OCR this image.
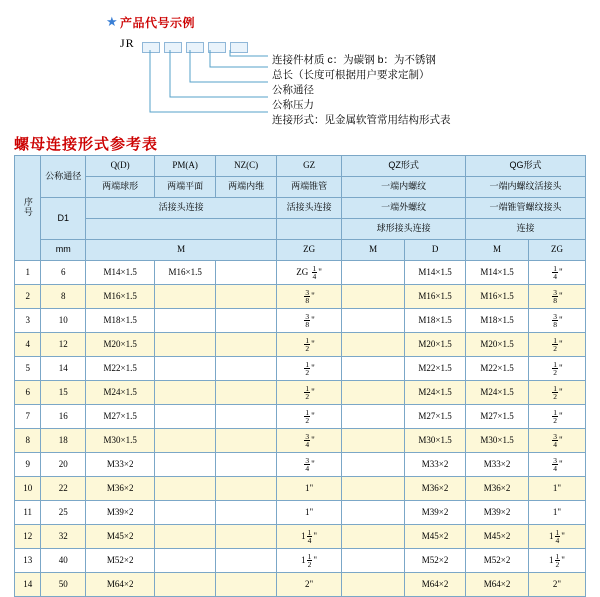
★ 产品代号示例
JR
连接形式：见金属软管常用结构形式表
公称压力
公称通径
总长（长度可根据用户要求定制）
连接件材质 c：为碳钢 b：为不锈钢
螺母连接形式参考表
序号	公称通径	Q(D)	PM(A)	NZ(C)	GZ	QZ形式		QG形式	
		两端球形	两端平面	两端内维	两端锥管	一端内螺纹		一端内螺纹活接头	
	D1	活接头连接			活接头连接	一端外螺纹		一端锥管螺纹接头	
						球形接头连接		连接	
	mm	M			ZG	M	D	M	ZG
1	6	M14×1.5	M16×1.5		ZG $\frac{1}{4}$ "		M14×1.5	M14×1.5	$\frac{1}{4}$ "
2	8	M16×1.5			$\frac{3}{8}$ "		M16×1.5	M16×1.5	$\frac{3}{8}$ "
3	10	M18×1.5			$\frac{3}{8}$ "		M18×1.5	M18×1.5	$\frac{3}{8}$ "
4	12	M20×1.5			$\frac{1}{2}$ "		M20×1.5	M20×1.5	$\frac{1}{2}$ "
5	14	M22×1.5			$\frac{1}{2}$ "		M22×1.5	M22×1.5	$\frac{1}{2}$ "
6	15	M24×1.5			$\frac{1}{2}$ "		M24×1.5	M24×1.5	$\frac{1}{2}$ "
7	16	M27×1.5			$\frac{1}{2}$ "		M27×1.5	M27×1.5	$\frac{1}{2}$ "
8	18	M30×1.5			$\frac{3}{4}$ "		M30×1.5	M30×1.5	$\frac{3}{4}$ "
9	20	M33×2			$\frac{3}{4}$ "		M33×2	M33×2	$\frac{3}{4}$ "
10	22	M36×2			1"		M36×2	M36×2	1"
11	25	M39×2			1"		M39×2	M39×2	1"
12	32	M45×2			$1 \frac{1}{4}$ "		M45×2	M45×2	$1 \frac{1}{4}$ "
13	40	M52×2			$1 \frac{1}{2}$ "		M52×2	M52×2	$1 \frac{1}{2}$ "
14	50	M64×2			2"		M64×2	M64×2	2"
